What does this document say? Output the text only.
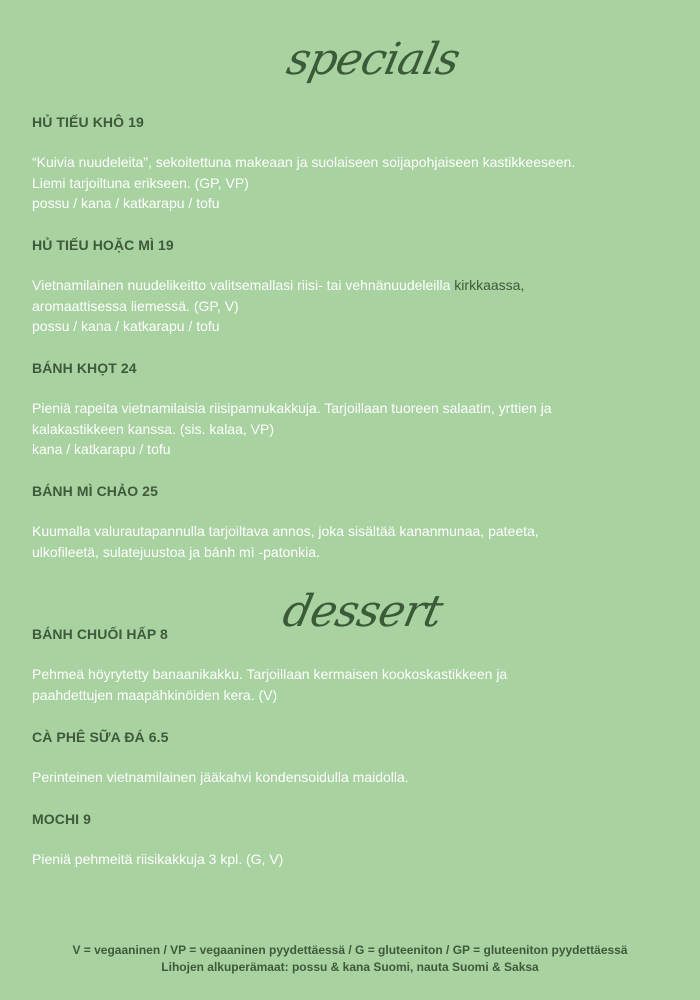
specials
HỦ TIẾU KHÔ 19
“Kuivia nuudeleita”, sekoitettuna makeaan ja suolaiseen soijapohjaiseen kastikkeeseen.
Liemi tarjoiltuna erikseen. (GP, VP)
possu / kana / katkarapu / tofu
HỦ TIẾU HOẶC MÌ 19
Vietnamilainen nuudelikeitto valitsemallasi riisi- tai vehnänuudeleilla kirkkaassa,
aromaattisessa liemessä. (GP, V)
possu / kana / katkarapu / tofu
BÁNH KHỌT 24
Pieniä rapeita vietnamilaisia riisipannukakkuja. Tarjoillaan tuoreen salaatin, yrttien ja
kalakastikkeen kanssa. (sis. kalaa, VP)
kana / katkarapu / tofu
BÁNH MÌ CHẢO 25
Kuumalla valurautapannulla tarjoiltava annos, joka sisältää kananmunaa, pateeta,
ulkofileetä, sulatejuustoa ja bánh mì -patonkia.
dessert
BÁNH CHUỐI HẤP 8
Pehmeä höyrytetty banaanikakku. Tarjoillaan kermaisen kookoskastikkeen ja
paahdettujen maapähkinöiden kera. (V)
CÀ PHÊ SỮA ĐÁ 6.5
Perinteinen vietnamilainen jääkahvi kondensoidulla maidolla.
MOCHI 9
Pieniä pehmeitä riisikakkuja 3 kpl. (G, V)
V = vegaaninen / VP = vegaaninen pyydettäessä / G = gluteeniton / GP = gluteeniton pyydettäessä
Lihojen alkuperämaat: possu & kana Suomi, nauta Suomi & Saksa
